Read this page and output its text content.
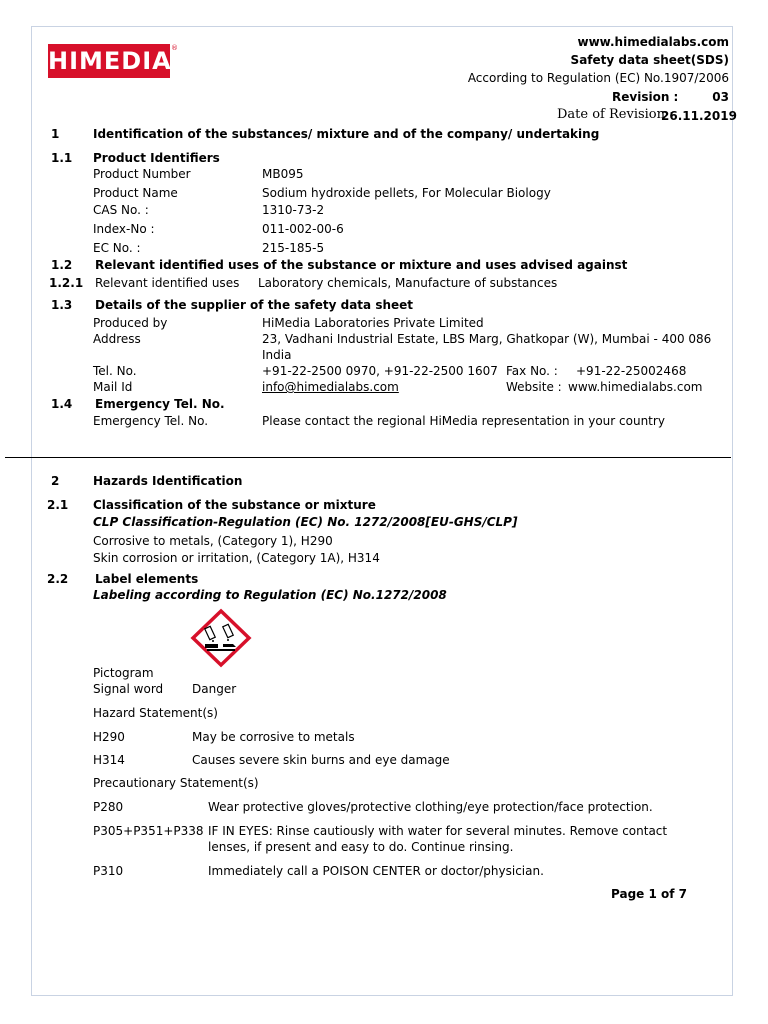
HIMEDIA ®	www.himedialabs.com
Safety data sheet(SDS)
According to Regulation (EC) No.1907/2006
Revision :	03
Date of Revision :
26.11.2019
1	Identification of the substances/ mixture and of the company/ undertaking
1.1 Product Identifiers
Product Number	MB095
Product Name	Sodium hydroxide pellets, For Molecular Biology
CAS No. :	1310-73-2
Index-No :	011-002-00-6
EC No. :	215-185-5
1.2 Relevant identified uses of the substance or mixture and uses advised against
1.2.1 Relevant identified uses Laboratory chemicals, Manufacture of substances
1.3 Details of the supplier of the safety data sheet
Produced by	HiMedia Laboratories Private Limited
Address	23, Vadhani Industrial Estate, LBS Marg, Ghatkopar (W), Mumbai - 400 086
India
Tel. No.	+91-22-2500 0970, +91-22-2500 1607 Fax No. : +91-22-25002468
Mail Id	info@himedialabs.com	Website : www.himedialabs.com
1.4 Emergency Tel. No.
Emergency Tel. No.	Please contact the regional HiMedia representation in your country
2	Hazards Identification
2.1 Classification of the substance or mixture
CLP Classification-Regulation (EC) No. 1272/2008[EU-GHS/CLP]
Corrosive to metals, (Category 1), H290
Skin corrosion or irritation, (Category 1A), H314
2.2 Label elements
Labeling according to Regulation (EC) No.1272/2008
Pictogram
Signal word Danger
Hazard Statement(s)
H290	May be corrosive to metals
H314	Causes severe skin burns and eye damage
Precautionary Statement(s)
P280	Wear protective gloves/protective clothing/eye protection/face protection.
P305+P351+P338 IF IN EYES: Rinse cautiously with water for several minutes. Remove contact
lenses, if present and easy to do. Continue rinsing.
P310	Immediately call a POISON CENTER or doctor/physician.
Page 1 of 7
